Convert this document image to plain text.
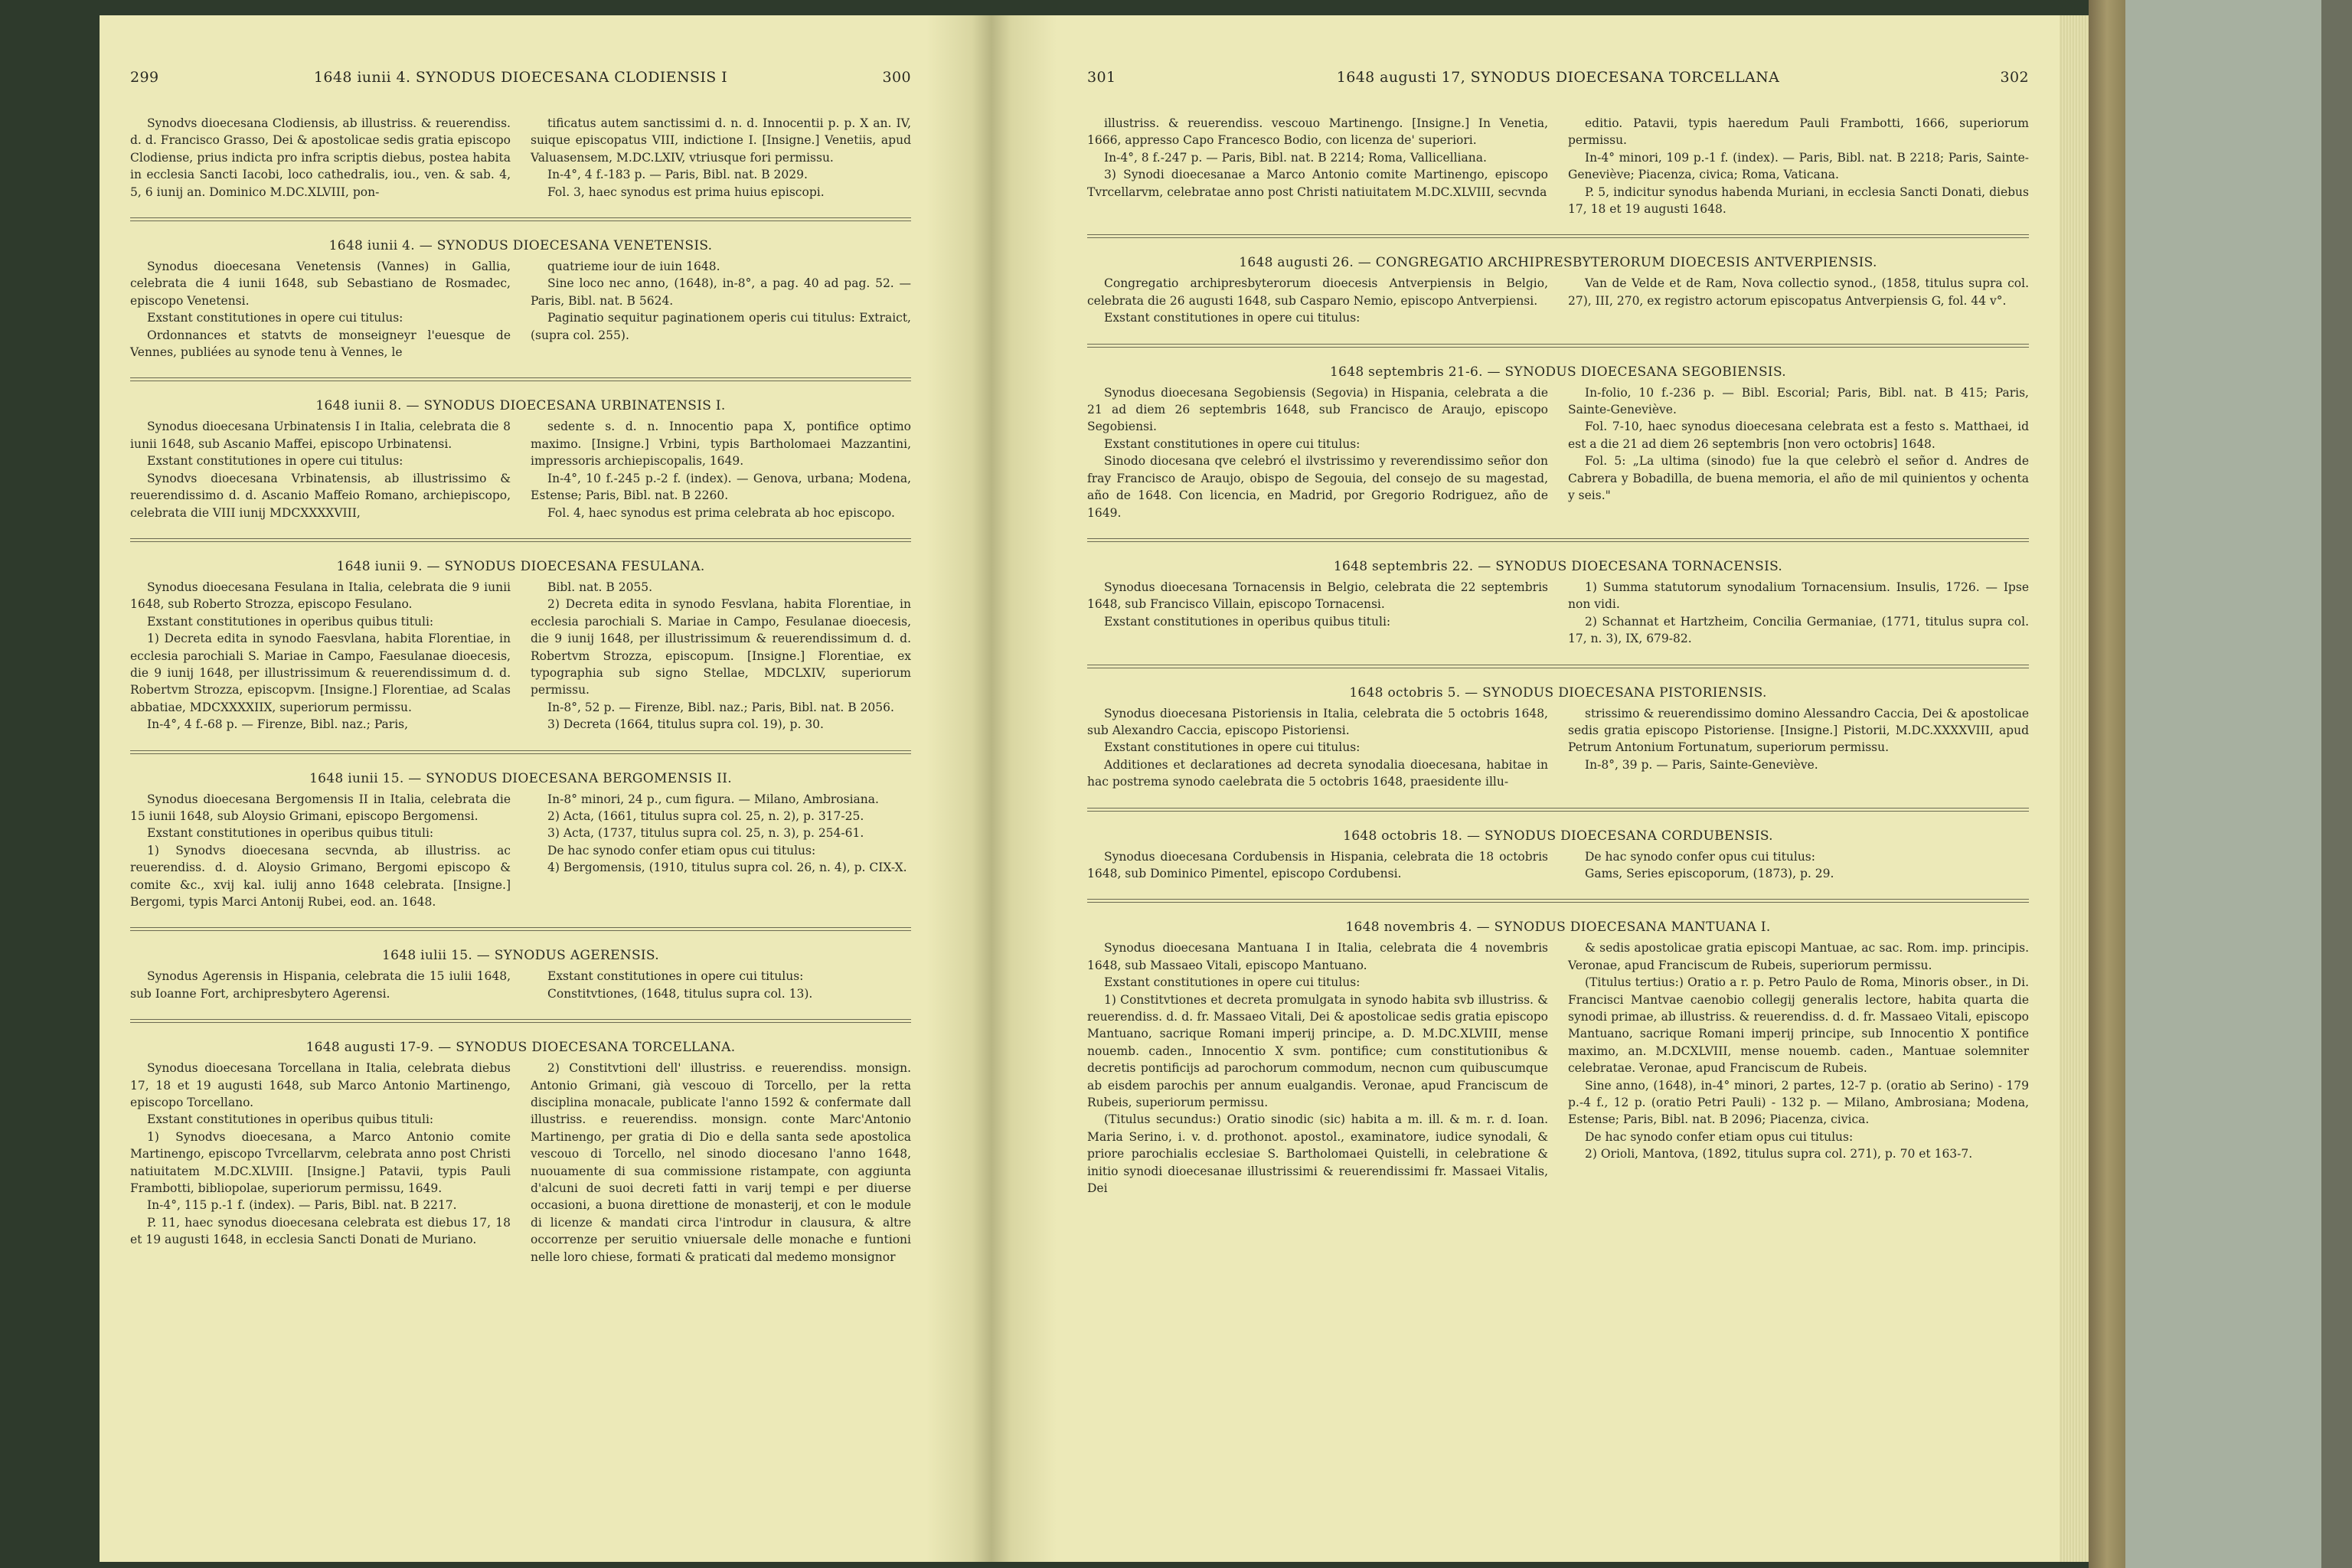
299	1648 iunii 4. SYNODUS DIOECESANA CLODIENSIS I	300

Synodvs dioecesana Clodiensis, ab illustriss. & reuerendiss. d. d. Francisco Grasso, Dei & apostolicae sedis gratia episcopo Clodiense, prius indicta pro infra scriptis diebus, postea habita in ecclesia Sancti Iacobi, loco cathedralis, iou., ven. & sab. 4, 5, 6 iunij an. Dominico M.DC.XLVIII, pon-

tificatus autem sanctissimi d. n. d. Innocentii p. p. X an. IV, suique episcopatus VIII, indictione I. [Insigne.] Venetiis, apud Valuasensem, M.DC.LXIV, vtriusque fori permissu.

In-4°, 4 f.-183 p. — Paris, Bibl. nat. B 2029.

Fol. 3, haec synodus est prima huius episcopi.

1648 iunii 4. — SYNODUS DIOECESANA VENETENSIS.

Synodus dioecesana Venetensis (Vannes) in Gallia, celebrata die 4 iunii 1648, sub Sebastiano de Rosmadec, episcopo Venetensi.

Exstant constitutiones in opere cui titulus:

Ordonnances et statvts de monseigneyr l'euesque de Vennes, publiées au synode tenu à Vennes, le

quatrieme iour de iuin 1648.

Sine loco nec anno, (1648), in-8°, a pag. 40 ad pag. 52. — Paris, Bibl. nat. B 5624.

Paginatio sequitur paginationem operis cui titulus: Extraict, (supra col. 255).

1648 iunii 8. — SYNODUS DIOECESANA URBINATENSIS I.

Synodus dioecesana Urbinatensis I in Italia, celebrata die 8 iunii 1648, sub Ascanio Maffei, episcopo Urbinatensi.

Exstant constitutiones in opere cui titulus:

Synodvs dioecesana Vrbinatensis, ab illustrissimo & reuerendissimo d. d. Ascanio Maffeio Romano, archiepiscopo, celebrata die VIII iunij MDCXXXXVIII,

sedente s. d. n. Innocentio papa X, pontifice optimo maximo. [Insigne.] Vrbini, typis Bartholomaei Mazzantini, impressoris archiepiscopalis, 1649.

In-4°, 10 f.-245 p.-2 f. (index). — Genova, urbana; Modena, Estense; Paris, Bibl. nat. B 2260.

Fol. 4, haec synodus est prima celebrata ab hoc episcopo.

1648 iunii 9. — SYNODUS DIOECESANA FESULANA.

Synodus dioecesana Fesulana in Italia, celebrata die 9 iunii 1648, sub Roberto Strozza, episcopo Fesulano.

Exstant constitutiones in operibus quibus tituli:

1) Decreta edita in synodo Faesvlana, habita Florentiae, in ecclesia parochiali S. Mariae in Campo, Faesulanae dioecesis, die 9 iunij 1648, per illustrissimum & reuerendissimum d. d. Robertvm Strozza, episcopvm. [Insigne.] Florentiae, ad Scalas abbatiae, MDCXXXXIIX, superiorum permissu.

In-4°, 4 f.-68 p. — Firenze, Bibl. naz.; Paris,

Bibl. nat. B 2055.

2) Decreta edita in synodo Fesvlana, habita Florentiae, in ecclesia parochiali S. Mariae in Campo, Fesulanae dioecesis, die 9 iunij 1648, per illustrissimum & reuerendissimum d. d. Robertvm Strozza, episcopum. [Insigne.] Florentiae, ex typographia sub signo Stellae, MDCLXIV, superiorum permissu.

In-8°, 52 p. — Firenze, Bibl. naz.; Paris, Bibl. nat. B 2056.

3) Decreta (1664, titulus supra col. 19), p. 30.

1648 iunii 15. — SYNODUS DIOECESANA BERGOMENSIS II.

Synodus dioecesana Bergomensis II in Italia, celebrata die 15 iunii 1648, sub Aloysio Grimani, episcopo Bergomensi.

Exstant constitutiones in operibus quibus tituli:

1) Synodvs dioecesana secvnda, ab illustriss. ac reuerendiss. d. d. Aloysio Grimano, Bergomi episcopo & comite &c., xvij kal. iulij anno 1648 celebrata. [Insigne.] Bergomi, typis Marci Antonij Rubei, eod. an. 1648.

In-8° minori, 24 p., cum figura. — Milano, Ambrosiana.

2) Acta, (1661, titulus supra col. 25, n. 2), p. 317-25.

3) Acta, (1737, titulus supra col. 25, n. 3), p. 254-61.

De hac synodo confer etiam opus cui titulus:

4) Bergomensis, (1910, titulus supra col. 26, n. 4), p. CIX-X.

1648 iulii 15. — SYNODUS AGERENSIS.

Synodus Agerensis in Hispania, celebrata die 15 iulii 1648, sub Ioanne Fort, archipresbytero Agerensi.

Exstant constitutiones in opere cui titulus:

Constitvtiones, (1648, titulus supra col. 13).

1648 augusti 17-9. — SYNODUS DIOECESANA TORCELLANA.

Synodus dioecesana Torcellana in Italia, celebrata diebus 17, 18 et 19 augusti 1648, sub Marco Antonio Martinengo, episcopo Torcellano.

Exstant constitutiones in operibus quibus tituli:

1) Synodvs dioecesana, a Marco Antonio comite Martinengo, episcopo Tvrcellarvm, celebrata anno post Christi natiuitatem M.DC.XLVIII. [Insigne.] Patavii, typis Pauli Frambotti, bibliopolae, superiorum permissu, 1649.

In-4°, 115 p.-1 f. (index). — Paris, Bibl. nat. B 2217.

P. 11, haec synodus dioecesana celebrata est diebus 17, 18 et 19 augusti 1648, in ecclesia Sancti Donati de Muriano.

2) Constitvtioni dell' illustriss. e reuerendiss. monsign. Antonio Grimani, già vescouo di Torcello, per la retta disciplina monacale, publicate l'anno 1592 & confermate dall illustriss. e reuerendiss. monsign. conte Marc'Antonio Martinengo, per gratia di Dio e della santa sede apostolica vescouo di Torcello, nel sinodo diocesano l'anno 1648, nuouamente di sua commissione ristampate, con aggiunta d'alcuni de suoi decreti fatti in varij tempi e per diuerse occasioni, a buona direttione de monasterij, et con le module di licenze & mandati circa l'introdur in clausura, & altre occorrenze per seruitio vniuersale delle monache e funtioni nelle loro chiese, formati & praticati dal medemo monsignor

301	1648 augusti 17, SYNODUS DIOECESANA TORCELLANA	302

illustriss. & reuerendiss. vescouo Martinengo. [Insigne.] In Venetia, 1666, appresso Capo Francesco Bodio, con licenza de' superiori.

In-4°, 8 f.-247 p. — Paris, Bibl. nat. B 2214; Roma, Vallicelliana.

3) Synodi dioecesanae a Marco Antonio comite Martinengo, episcopo Tvrcellarvm, celebratae anno post Christi natiuitatem M.DC.XLVIII, secvnda

editio. Patavii, typis haeredum Pauli Frambotti, 1666, superiorum permissu.

In-4° minori, 109 p.-1 f. (index). — Paris, Bibl. nat. B 2218; Paris, Sainte-Geneviève; Piacenza, civica; Roma, Vaticana.

P. 5, indicitur synodus habenda Muriani, in ecclesia Sancti Donati, diebus 17, 18 et 19 augusti 1648.

1648 augusti 26. — CONGREGATIO ARCHIPRESBYTERORUM DIOECESIS ANTVERPIENSIS.

Congregatio archipresbyterorum dioecesis Antverpiensis in Belgio, celebrata die 26 augusti 1648, sub Casparo Nemio, episcopo Antverpiensi.

Exstant constitutiones in opere cui titulus:

Van de Velde et de Ram, Nova collectio synod., (1858, titulus supra col. 27), III, 270, ex registro actorum episcopatus Antverpiensis G, fol. 44 v°.

1648 septembris 21-6. — SYNODUS DIOECESANA SEGOBIENSIS.

Synodus dioecesana Segobiensis (Segovia) in Hispania, celebrata a die 21 ad diem 26 septembris 1648, sub Francisco de Araujo, episcopo Segobiensi.

Exstant constitutiones in opere cui titulus:

Sinodo diocesana qve celebró el ilvstrissimo y reverendissimo señor don fray Francisco de Araujo, obispo de Segouia, del consejo de su magestad, año de 1648. Con licencia, en Madrid, por Gregorio Rodriguez, año de 1649.

In-folio, 10 f.-236 p. — Bibl. Escorial; Paris, Bibl. nat. B 415; Paris, Sainte-Geneviève.

Fol. 7-10, haec synodus dioecesana celebrata est a festo s. Matthaei, id est a die 21 ad diem 26 septembris [non vero octobris] 1648.

Fol. 5: „La ultima (sinodo) fue la que celebrò el señor d. Andres de Cabrera y Bobadilla, de buena memoria, el año de mil quinientos y ochenta y seis."

1648 septembris 22. — SYNODUS DIOECESANA TORNACENSIS.

Synodus dioecesana Tornacensis in Belgio, celebrata die 22 septembris 1648, sub Francisco Villain, episcopo Tornacensi.

Exstant constitutiones in operibus quibus tituli:

1) Summa statutorum synodalium Tornacensium. Insulis, 1726. — Ipse non vidi.

2) Schannat et Hartzheim, Concilia Germaniae, (1771, titulus supra col. 17, n. 3), IX, 679-82.

1648 octobris 5. — SYNODUS DIOECESANA PISTORIENSIS.

Synodus dioecesana Pistoriensis in Italia, celebrata die 5 octobris 1648, sub Alexandro Caccia, episcopo Pistoriensi.

Exstant constitutiones in opere cui titulus:

Additiones et declarationes ad decreta synodalia dioecesana, habitae in hac postrema synodo caelebrata die 5 octobris 1648, praesidente illu-

strissimo & reuerendissimo domino Alessandro Caccia, Dei & apostolicae sedis gratia episcopo Pistoriense. [Insigne.] Pistorii, M.DC.XXXXVIII, apud Petrum Antonium Fortunatum, superiorum permissu.

In-8°, 39 p. — Paris, Sainte-Geneviève.

1648 octobris 18. — SYNODUS DIOECESANA CORDUBENSIS.

Synodus dioecesana Cordubensis in Hispania, celebrata die 18 octobris 1648, sub Dominico Pimentel, episcopo Cordubensi.

De hac synodo confer opus cui titulus:

Gams, Series episcoporum, (1873), p. 29.

1648 novembris 4. — SYNODUS DIOECESANA MANTUANA I.

Synodus dioecesana Mantuana I in Italia, celebrata die 4 novembris 1648, sub Massaeo Vitali, episcopo Mantuano.

Exstant constitutiones in opere cui titulus:

1) Constitvtiones et decreta promulgata in synodo habita svb illustriss. & reuerendiss. d. d. fr. Massaeo Vitali, Dei & apostolicae sedis gratia episcopo Mantuano, sacrique Romani imperij principe, a. D. M.DC.XLVIII, mense nouemb. caden., Innocentio X svm. pontifice; cum constitutionibus & decretis pontificijs ad parochorum commodum, necnon cum quibuscumque ab eisdem parochis per annum eualgandis. Veronae, apud Franciscum de Rubeis, superiorum permissu.

(Titulus secundus:) Oratio sinodic (sic) habita a m. ill. & m. r. d. Ioan. Maria Serino, i. v. d. prothonot. apostol., examinatore, iudice synodali, & priore parochialis ecclesiae S. Bartholomaei Quistelli, in celebratione & initio synodi dioecesanae illustrissimi & reuerendissimi fr. Massaei Vitalis, Dei

& sedis apostolicae gratia episcopi Mantuae, ac sac. Rom. imp. principis. Veronae, apud Franciscum de Rubeis, superiorum permissu.

(Titulus tertius:) Oratio a r. p. Petro Paulo de Roma, Minoris obser., in Di. Francisci Mantvae caenobio collegij generalis lectore, habita quarta die synodi primae, ab illustriss. & reuerendiss. d. d. fr. Massaeo Vitali, episcopo Mantuano, sacrique Romani imperij principe, sub Innocentio X pontifice maximo, an. M.DCXLVIII, mense nouemb. caden., Mantuae solemniter celebratae. Veronae, apud Franciscum de Rubeis.

Sine anno, (1648), in-4° minori, 2 partes, 12-7 p. (oratio ab Serino) - 179 p.-4 f., 12 p. (oratio Petri Pauli) - 132 p. — Milano, Ambrosiana; Modena, Estense; Paris, Bibl. nat. B 2096; Piacenza, civica.

De hac synodo confer etiam opus cui titulus:

2) Orioli, Mantova, (1892, titulus supra col. 271), p. 70 et 163-7.
